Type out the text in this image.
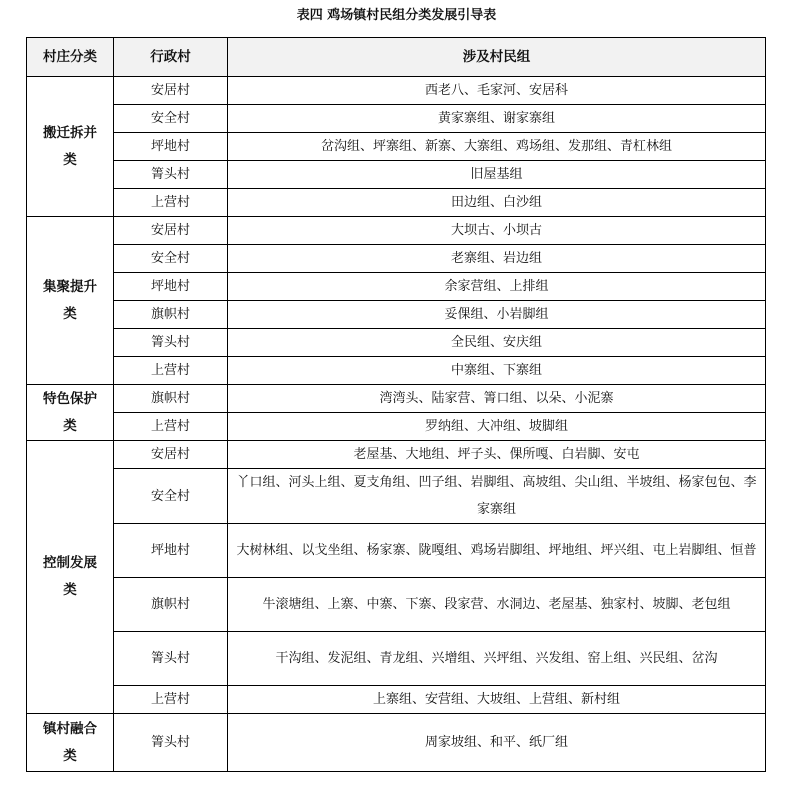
表四 鸡场镇村民组分类发展引导表
村庄分类	行政村	涉及村民组
搬迁拆并类	安居村	西老八、毛家河、安居科
	安全村	黄家寨组、谢家寨组
	坪地村	岔沟组、坪寨组、新寨、大寨组、鸡场组、发那组、青杠林组
	箐头村	旧屋基组
	上营村	田边组、白沙组
集聚提升类	安居村	大坝古、小坝古
	安全村	老寨组、岩边组
	坪地村	余家营组、上排组
	旗帜村	妥倮组、小岩脚组
	箐头村	全民组、安庆组
	上营村	中寨组、下寨组
特色保护类	旗帜村	湾湾头、陆家营、箐口组、以朵、小泥寨
	上营村	罗纳组、大冲组、坡脚组
控制发展类	安居村	老屋基、大地组、坪子头、倮所嘎、白岩脚、安屯
	安全村	丫口组、河头上组、夏支角组、凹子组、岩脚组、高坡组、尖山组、半坡组、杨家包包、李家寨组
	坪地村	大树林组、以戈坐组、杨家寨、陇嘎组、鸡场岩脚组、坪地组、坪兴组、屯上岩脚组、恒普
	旗帜村	牛滚塘组、上寨、中寨、下寨、段家营、水洞边、老屋基、独家村、坡脚、老包组
	箐头村	干沟组、发泥组、青龙组、兴增组、兴坪组、兴发组、窑上组、兴民组、岔沟
	上营村	上寨组、安营组、大坡组、上营组、新村组
镇村融合类	箐头村	周家坡组、和平、纸厂组
